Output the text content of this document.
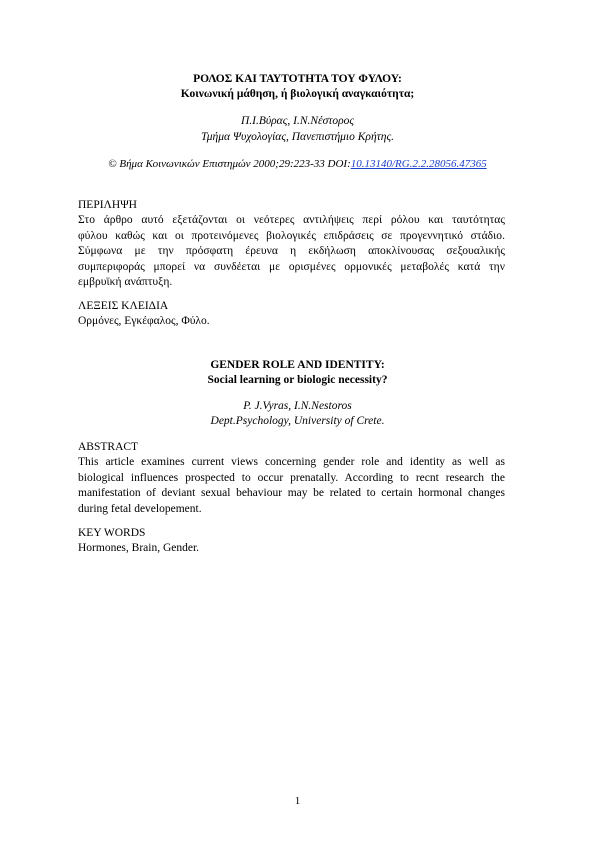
ΡΟΛΟΣ ΚΑΙ ΤΑΥΤΟΤΗΤΑ ΤΟΥ ΦΥΛΟΥ:
Κοινωνική μάθηση, ή βιολογική αναγκαιότητα;
Π.Ι.Βύρας, Ι.Ν.Νέστορος
Τμήμα Ψυχολογίας, Πανεπιστήμιο Κρήτης.
© Βήμα Κοινωνικών Επιστημών 2000;29:223-33 DOI:10.13140/RG.2.2.28056.47365
ΠΕΡΙΛΗΨΗ
Στο άρθρο αυτό εξετάζονται οι νεότερες αντιλήψεις περί ρόλου και ταυτότητας
φύλου καθώς και οι προτεινόμενες βιολογικές επιδράσεις σε προγεννητικό στάδιο.
Σύμφωνα με την πρόσφατη έρευνα η εκδήλωση αποκλίνουσας σεξουαλικής
συμπεριφοράς μπορεί να συνδέεται με ορισμένες ορμονικές μεταβολές κατά την
εμβρυϊκή ανάπτυξη.
ΛΕΞΕΙΣ ΚΛΕΙΔΙΑ
Ορμόνες, Εγκέφαλος, Φύλο.
GENDER ROLE AND IDENTITY:
Social learning or biologic necessity?
P. J.Vyras, I.N.Nestoros
Dept.Psychology, University of Crete.
ABSTRACT
This article examines current views concerning gender role and identity as well as
biological influences prospected to occur prenatally. According to recnt research the
manifestation of deviant sexual behaviour may be related to certain hormonal changes
during fetal developement.
KEY WORDS
Hormones, Brain, Gender.
1
